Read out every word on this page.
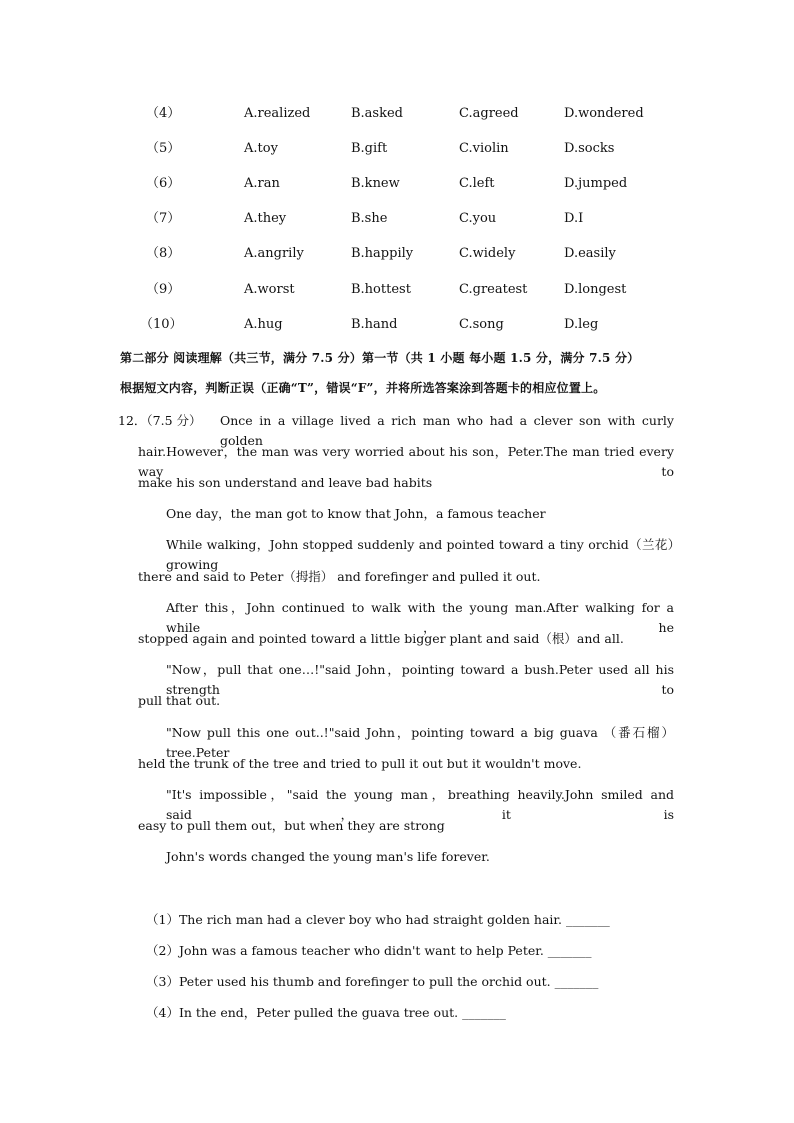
（4）	A.realized	B.asked	C.agreed	D.wondered
（5）	A.toy	B.gift	C.violin	D.socks
（6）	A.ran	B.knew	C.left	D.jumped
（7）	A.they	B.she	C.you	D.I
（8）	A.angrily	B.happily	C.widely	D.easily
（9）	A.worst	B.hottest	C.greatest	D.longest
（10）	A.hug	B.hand	C.song	D.leg
第二部分 阅读理解（共三节，满分 7.5 分）第一节（共 1 小题 每小题 1.5 分，满分 7.5 分）
根据短文内容，判断正误（正确“T”，错误“F”，并将所选答案涂到答题卡的相应位置上。
12．（7.5 分） Once in a village lived a rich man who had a clever son with curly golden
hair.However，the man was very worried about his son，Peter.The man tried every way to
make his son understand and leave bad habits
One day，the man got to know that John，a famous teacher
While walking，John stopped suddenly and pointed toward a tiny orchid（兰花）growing
there and said to Peter（拇指） and forefinger and pulled it out.
After this，John continued to walk with the young man.After walking for a while，he
stopped again and pointed toward a little bigger plant and said（根）and all.
"Now，pull that one…!"said John，pointing toward a bush.Peter used all his strength to
pull that out.
"Now pull this one out..!"said John，pointing toward a big guava （番石榴）tree.Peter
held the trunk of the tree and tried to pull it out but it wouldn't move.
"It's impossible，"said the young man，breathing heavily.John smiled and said，it is
easy to pull them out，but when they are strong
John's words changed the young man's life forever.
（1）The rich man had a clever boy who had straight golden hair. _______
（2）John was a famous teacher who didn't want to help Peter. _______
（3）Peter used his thumb and forefinger to pull the orchid out. _______
（4）In the end，Peter pulled the guava tree out. _______
